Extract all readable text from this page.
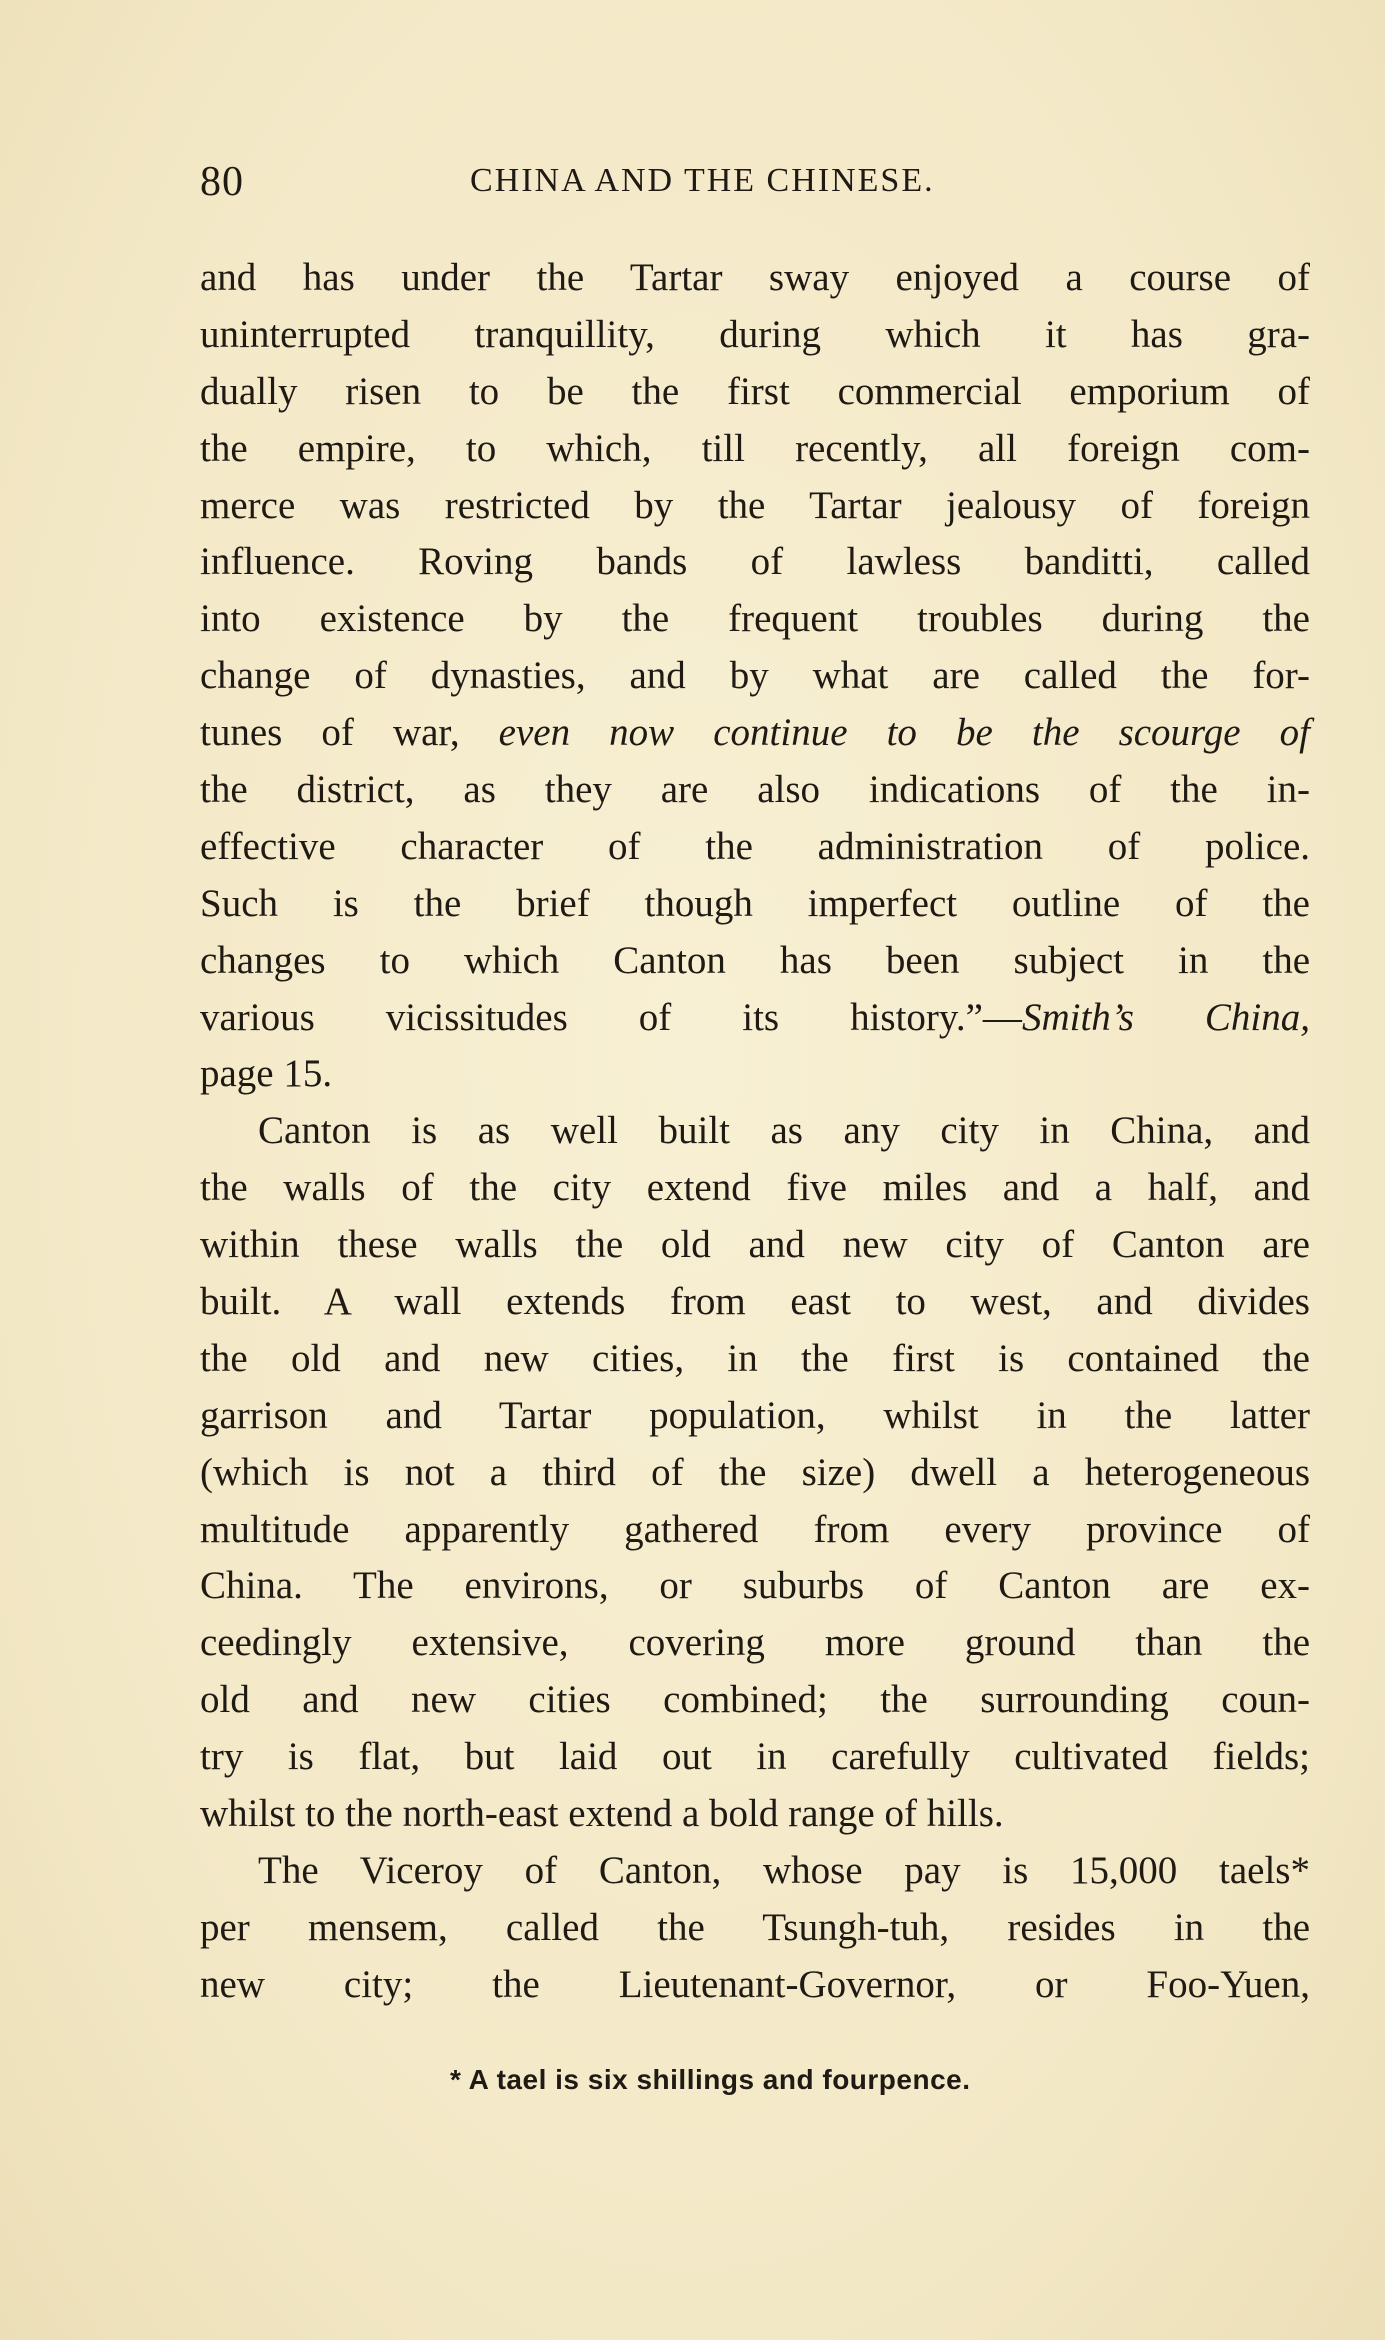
80	CHINA AND THE CHINESE.
and has under the Tartar sway enjoyed a course of
uninterrupted tranquillity, during which it has gra-
dually risen to be the first commercial emporium of
the empire, to which, till recently, all foreign com-
merce was restricted by the Tartar jealousy of foreign
influence. Roving bands of lawless banditti, called
into existence by the frequent troubles during the
change of dynasties, and by what are called the for-
tunes of war, even now continue to be the scourge of
the district, as they are also indications of the in-
effective character of the administration of police.
Such is the brief though imperfect outline of the
changes to which Canton has been subject in the
various vicissitudes of its history.”—Smith’s China,
page 15.
Canton is as well built as any city in China, and
the walls of the city extend five miles and a half, and
within these walls the old and new city of Canton are
built. A wall extends from east to west, and divides
the old and new cities, in the first is contained the
garrison and Tartar population, whilst in the latter
(which is not a third of the size) dwell a heterogeneous
multitude apparently gathered from every province of
China. The environs, or suburbs of Canton are ex-
ceedingly extensive, covering more ground than the
old and new cities combined; the surrounding coun-
try is flat, but laid out in carefully cultivated fields;
whilst to the north-east extend a bold range of hills.
The Viceroy of Canton, whose pay is 15,000 taels*
per mensem, called the Tsungh-tuh, resides in the
new city; the Lieutenant-Governor, or Foo-Yuen,
* A tael is six shillings and fourpence.
